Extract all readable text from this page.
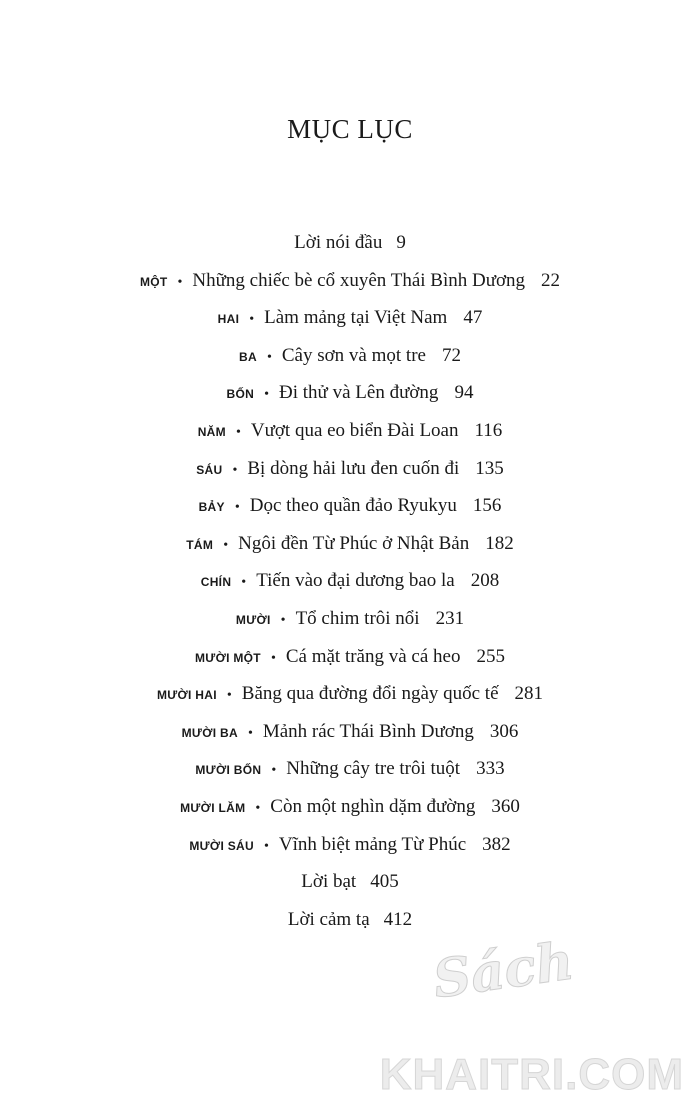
MỤC LỤC
Lời nói đầu 9
MỘT • Những chiếc bè cổ xuyên Thái Bình Dương 22
HAI • Làm mảng tại Việt Nam 47
BA • Cây sơn và mọt tre 72
BỐN • Đi thử và Lên đường 94
NĂM • Vượt qua eo biển Đài Loan 116
SÁU • Bị dòng hải lưu đen cuốn đi 135
BẢY • Dọc theo quần đảo Ryukyu 156
TÁM • Ngôi đền Từ Phúc ở Nhật Bản 182
CHÍN • Tiến vào đại dương bao la 208
MƯỜI • Tổ chim trôi nổi 231
MƯỜI MỘT • Cá mặt trăng và cá heo 255
MƯỜI HAI • Băng qua đường đổi ngày quốc tế 281
MƯỜI BA • Mảnh rác Thái Bình Dương 306
MƯỜI BỐN • Những cây tre trôi tuột 333
MƯỜI LĂM • Còn một nghìn dặm đường 360
MƯỜI SÁU • Vĩnh biệt mảng Từ Phúc 382
Lời bạt 405
Lời cảm tạ 412
Sách
KHAITRI.COM
